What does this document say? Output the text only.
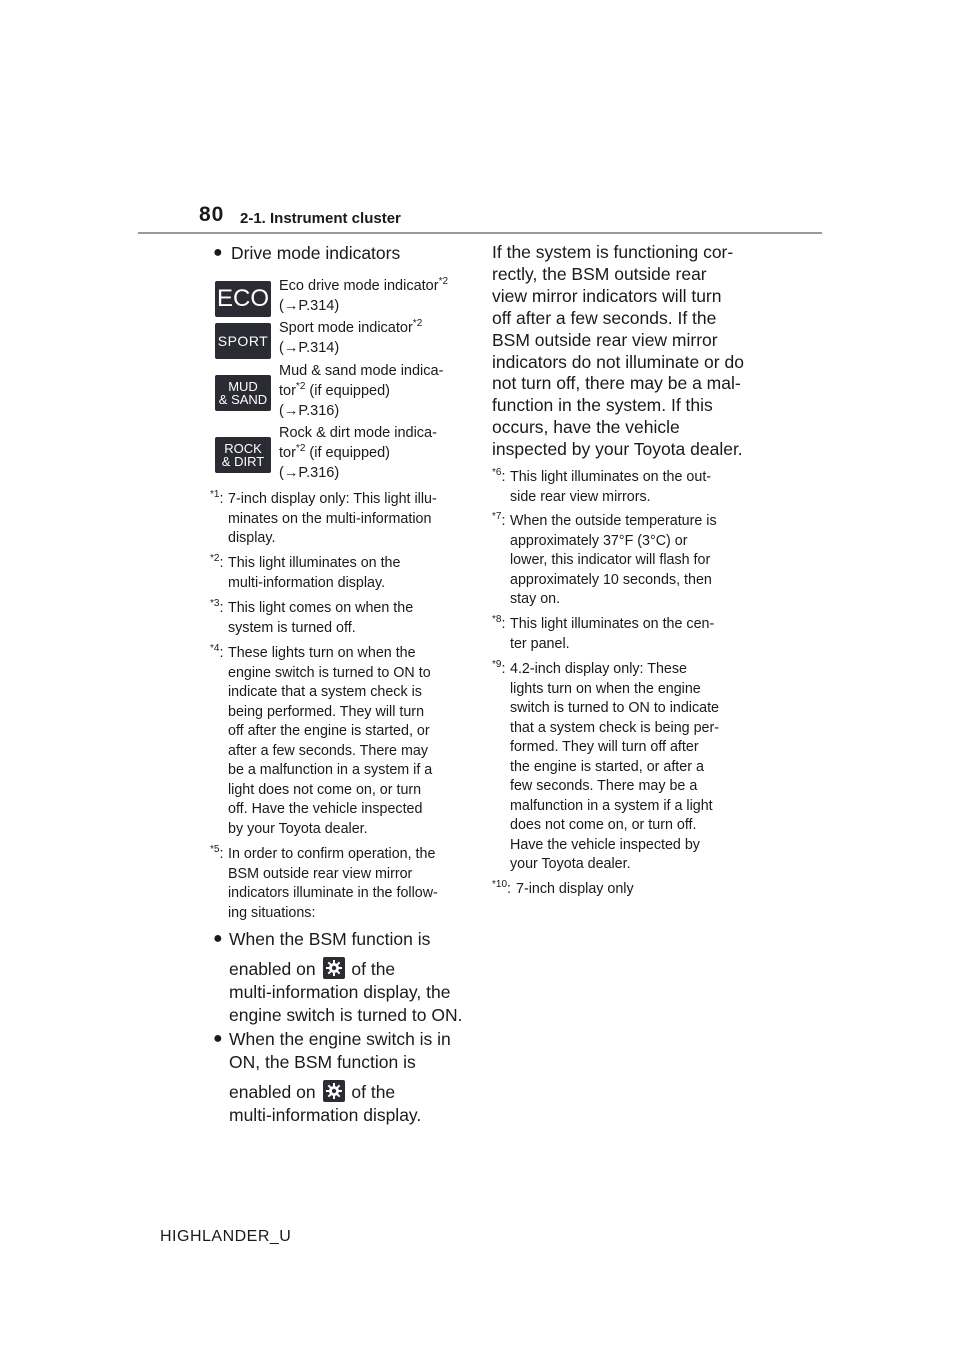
80 2-1. Instrument cluster
● Drive mode indicators
ECO Eco drive mode indicator$^{*2}$
(→P.314)
SPORT
Sport mode indicator$^{*2}$
(→P.314)
MUD
& SAND
Mud & sand mode indica-
tor$^{*2}$ (if equipped)
(→P.316)
ROCK
& DIRT
Rock & dirt mode indica-
tor$^{*2}$ (if equipped)
(→P.316)
$^{*1}$: 7-inch display only: This light illu-
minates on the multi-information
display.
$^{*2}$: This light illuminates on the
multi-information display.
$^{*3}$: This light comes on when the
system is turned off.
$^{*4}$: These lights turn on when the
engine switch is turned to ON to
indicate that a system check is
being performed. They will turn
off after the engine is started, or
after a few seconds. There may
be a malfunction in a system if a
light does not come on, or turn
off. Have the vehicle inspected
by your Toyota dealer.
$^{*5}$: In order to confirm operation, the
BSM outside rear view mirror
indicators illuminate in the follow-
ing situations:
● When the BSM function is
enabled on of the
multi-information display, the
engine switch is turned to ON.
● When the engine switch is in
ON, the BSM function is
enabled on of the
multi-information display.
If the system is functioning cor-
rectly, the BSM outside rear
view mirror indicators will turn
off after a few seconds. If the
BSM outside rear view mirror
indicators do not illuminate or do
not turn off, there may be a mal-
function in the system. If this
occurs, have the vehicle
inspected by your Toyota dealer.
$^{*6}$: This light illuminates on the out-
side rear view mirrors.
$^{*7}$: When the outside temperature is
approximately 37°F (3°C) or
lower, this indicator will flash for
approximately 10 seconds, then
stay on.
$^{*8}$: This light illuminates on the cen-
ter panel.
$^{*9}$: 4.2-inch display only: These
lights turn on when the engine
switch is turned to ON to indicate
that a system check is being per-
formed. They will turn off after
the engine is started, or after a
few seconds. There may be a
malfunction in a system if a light
does not come on, or turn off.
Have the vehicle inspected by
your Toyota dealer.
$^{*10}$: 7-inch display only
HIGHLANDER_U
